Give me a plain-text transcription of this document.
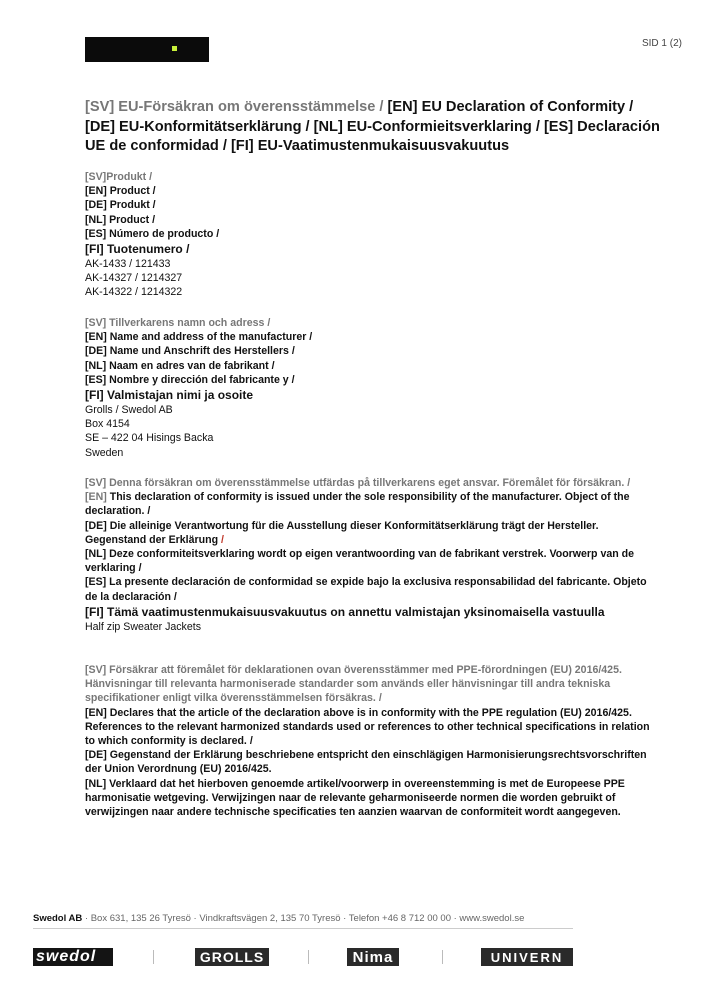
SID 1 (2)
[SV] EU-Försäkran om överensstämmelse / [EN] EU Declaration of Conformity / [DE] EU-Konformitätserklärung / [NL] EU-Conformieitsverklaring / [ES] Declaración UE de conformidad / [FI] EU-Vaatimustenmukaisuusvakuutus
[SV]Produkt /
[EN] Product /
[DE] Produkt /
[NL] Product /
[ES] Número de producto /
[FI] Tuotenumero /
AK-1433 / 121433
AK-14327 / 1214327
AK-14322 / 1214322
[SV] Tillverkarens namn och adress /
[EN] Name and address of the manufacturer /
[DE] Name und Anschrift des Herstellers /
[NL] Naam en adres van de fabrikant /
[ES] Nombre y dirección del fabricante y /
[FI] Valmistajan nimi ja osoite
Grolls / Swedol AB
Box 4154
SE – 422 04 Hisings Backa
Sweden
[SV] Denna försäkran om överensstämmelse utfärdas på tillverkarens eget ansvar. Föremålet för försäkran. /
[EN] This declaration of conformity is issued under the sole responsibility of the manufacturer. Object of the declaration. /
[DE] Die alleinige Verantwortung für die Ausstellung dieser Konformitätserklärung trägt der Hersteller. Gegenstand der Erklärung /
[NL] Deze conformiteitsverklaring wordt op eigen verantwoording van de fabrikant verstrek. Voorwerp van de verklaring /
[ES] La presente declaración de conformidad se expide bajo la exclusiva responsabilidad del fabricante. Objeto de la declaración /
[FI] Tämä vaatimustenmukaisuusvakuutus on annettu valmistajan yksinomaisella vastuulla
Half zip Sweater Jackets
[SV] Försäkrar att föremålet för deklarationen ovan överensstämmer med PPE-förordningen (EU) 2016/425. Hänvisningar till relevanta harmoniserade standarder som används eller hänvisningar till andra tekniska specifikationer enligt vilka överensstämmelsen försäkras. /
[EN] Declares that the article of the declaration above is in conformity with the PPE regulation (EU) 2016/425. References to the relevant harmonized standards used or references to other technical specifications in relation to which conformity is declared. /
[DE] Gegenstand der Erklärung beschriebene entspricht den einschlägigen Harmonisierungsrechtsvorschriften der Union Verordnung (EU) 2016/425.
[NL] Verklaard dat het hierboven genoemde artikel/voorwerp in overeenstemming is met de Europeese PPE harmonisatie wetgeving. Verwijzingen naar de relevante geharmoniseerde normen die worden gebruikt of verwijzingen naar andere technische specificaties ten aanzien waarvan de conformiteit wordt aangegeven.
Swedol AB · Box 631, 135 26 Tyresö · Vindkraftsvägen 2, 135 70 Tyresö · Telefon +46 8 712 00 00 · www.swedol.se
swedol	GROLLS	Nima	UNIVERN
